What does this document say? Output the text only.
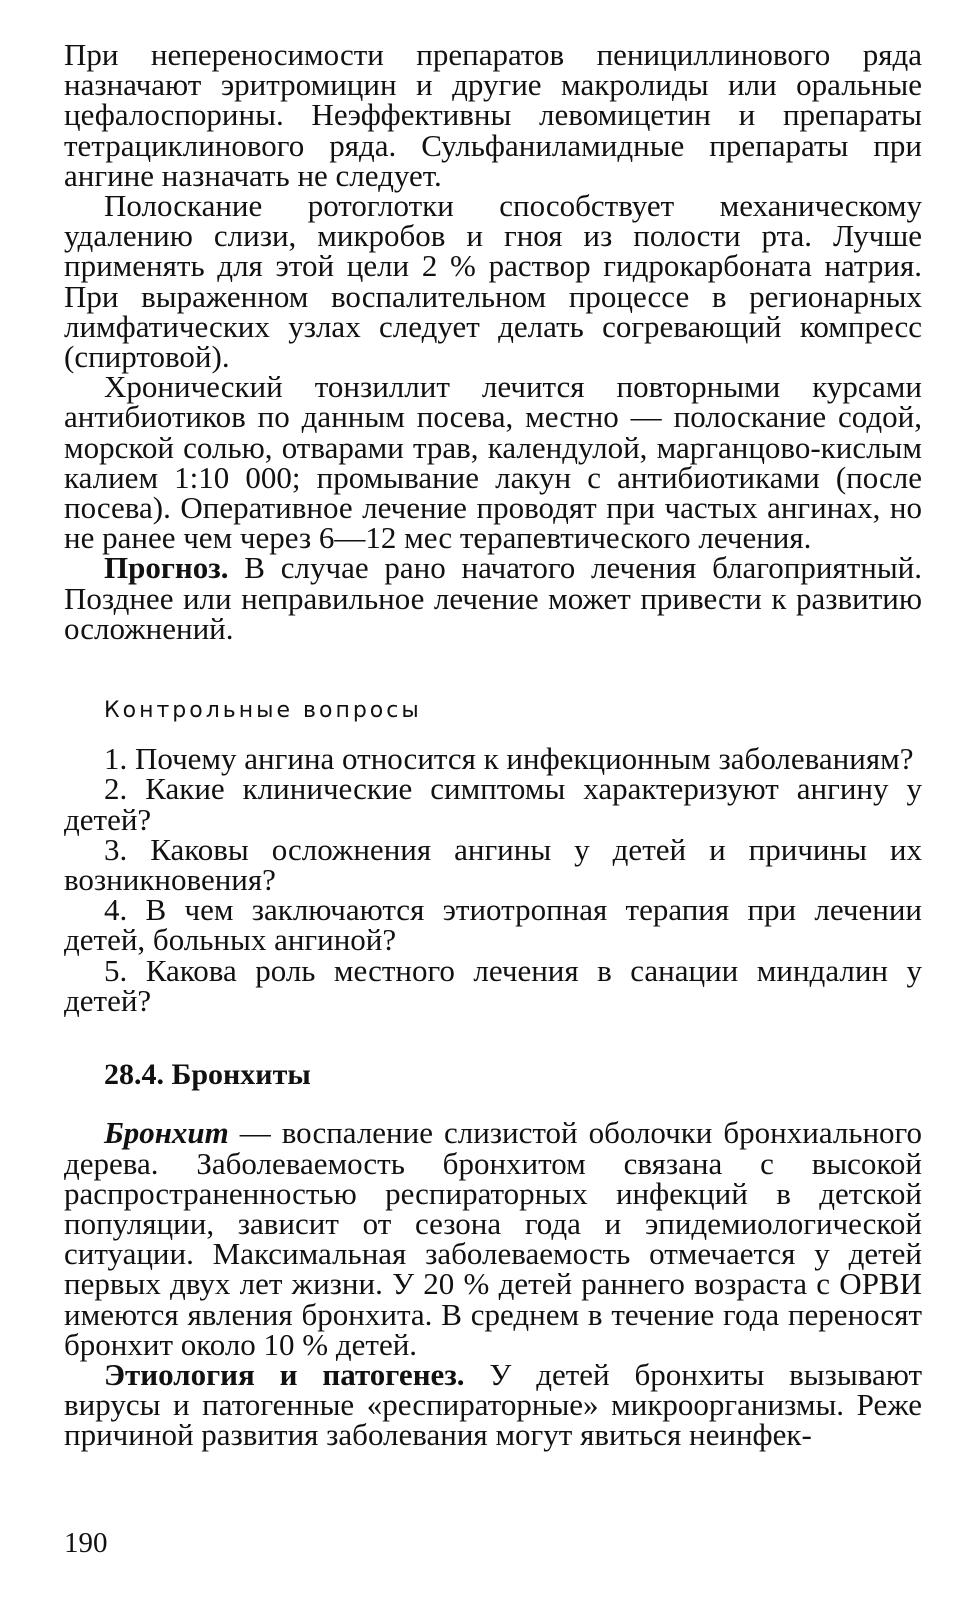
При непереносимости препаратов пенициллинового ряда назначают эритромицин и другие макролиды или оральные цефалоспорины. Неэффективны левомицетин и препараты тетрациклинового ряда. Сульфаниламидные препараты при ангине назначать не следует.

Полоскание ротоглотки способствует механическому удалению слизи, микробов и гноя из полости рта. Лучше применять для этой цели 2 % раствор гидрокарбоната натрия. При выраженном воспалительном процессе в регионарных лимфатических узлах следует делать согревающий компресс (спиртовой).

Хронический тонзиллит лечится повторными курсами антибиотиков по данным посева, местно — полоскание содой, морской солью, отварами трав, календулой, марганцово-кислым калием 1:10 000; промывание лакун с антибиотиками (после посева). Оперативное лечение проводят при частых ангинах, но не ранее чем через 6—12 мес терапевтического лечения.

Прогноз. В случае рано начатого лечения благоприятный. Позднее или неправильное лечение может привести к развитию осложнений.

Контрольные вопросы

1. Почему ангина относится к инфекционным заболеваниям?

2. Какие клинические симптомы характеризуют ангину у детей?

3. Каковы осложнения ангины у детей и причины их возникновения?

4. В чем заключаются этиотропная терапия при лечении детей, больных ангиной?

5. Какова роль местного лечения в санации миндалин у детей?

28.4. Бронхиты

Бронхит — воспаление слизистой оболочки бронхиального дерева. Заболеваемость бронхитом связана с высокой распространенностью респираторных инфекций в детской популяции, зависит от сезона года и эпидемиологической ситуации. Максимальная заболеваемость отмечается у детей первых двух лет жизни. У 20 % детей раннего возраста с ОРВИ имеются явления бронхита. В среднем в течение года переносят бронхит около 10 % детей.

Этиология и патогенез. У детей бронхиты вызывают вирусы и патогенные «респираторные» микроорганизмы. Реже причиной развития заболевания могут явиться неинфек-

190
